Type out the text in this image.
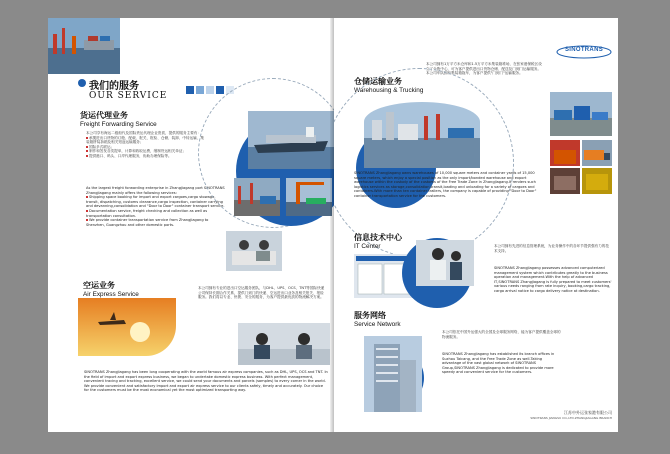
我们的服务
OUR SERVICE
货运代理业务
Freight Forwarding Service
本公司享有海运二级船代及国际货运代理企业资质，提供的服务主要有：
承揽进出口货物的订舱、配载、报关、报检、仓储、装卸、中转运输、集装箱拼装拆箱及相关短途运输服务；
国际多式联运；
制作和签发各类提单，计算和收取运费，缮制货运相关单证；
提供港口、码头、口岸代理服务，协助办理保险等。
As the largest freight forwarding enterprise in Zhangjiagang port SINOTRANS Zhangjiagang mainly offers the following services:
Shipping space booking for import and export cargoes,cargo stowage, transit, dispatching, customs clearance,cargo inspection, container carrying and devanning,consolidation and "Door to Door" container transport service.
Documentation service, freight checking and collection as well as transportation consultation.
We provide container transportation service from Zhangjiagang to Shenzhen, Guangzhou and other domestic ports.
空运业务
Air Express Service
本公司拥有专业的进出口空运服务团队，与DHL、UPS、OCS、TNT等国际快递公司保持长期合作关系，提供门到门的快递、空运进出口业务及相关报关、报检服务。我们将以专业、快捷、安全的服务，为客户提供最优质的物流解决方案。
SINOTRANS Zhangjiagang has been long cooperating with the world famous air express companies, such as DHL, UPS, OCS and TNT. In the field of import and export express business, we began to undertake domestic express business. With perfect management, convenient tracing and tracking, excellent service, we could send your documents and parcels (samples) to every corner in the world. We provide convenient and satisfactory import and export air express service to our clients safely, timely and accurately. Our choice for the customers must be the most economical yet the most optimized transporting way.
SINOTRANS
仓储运输业务
Warehousing & Trucking
本公司拥有1万平方米仓库和1.5万平方米集装箱堆场，在张家港保税区设立了分拨中心，可为客户提供进出口货物仓储、配送及门到门运输服务。
本公司车队拥有集装箱拖车，为客户提供"门到门"运输服务。
SINOTRANS Zhangjiagang owns warehouses of 10,000 square meters and container yards of 15,000 square meters, which enjoy a special position as the only import/bonded warehouse and export warehouse within the custody of the customs of the Free Trade Zone in Zhangjiagang.It renders such logistics services as storage,consolidation,transit,loading and unloading for a variety of cargoes and containers.With more than ten container trailers, the company is capable of providing "Door to Door" container transportation service for the customers.
信息技术中心
IT Center	本公司拥有先进的信息管理系统，为业务操作中的各环节提供强有力的技术支持。
SINOTRANS Zhangjiagang possesses advanced computerized management system which contributes greatly to the business operation and management.With the help of advanced IT,SINOTRANS Zhangjiagang is fully prepared to meet customers' various needs ranging from rate inquiry, booking,cargo tracking, cargo arrival notice to cargo delivery notice at destination.
服务网络
Service Network
本公司依托中国外运强大的全国及全球服务网络，能为客户提供覆盖全球的物流服务。
SINOTRANS Zhangjiagang has established its branch offices in Suzhou Taicang, and the Free Trade Zone as well.Taking advantage of the vast global network of SINOTRANS Group,SINOTRANS Zhangjiagang is dedicated to provide more speedy and convenient service for the customers.
江苏中外运张家港有限公司
SINOTRANS JIANGSU CO.,LTD.ZHANGJIAGANG BRANCH
